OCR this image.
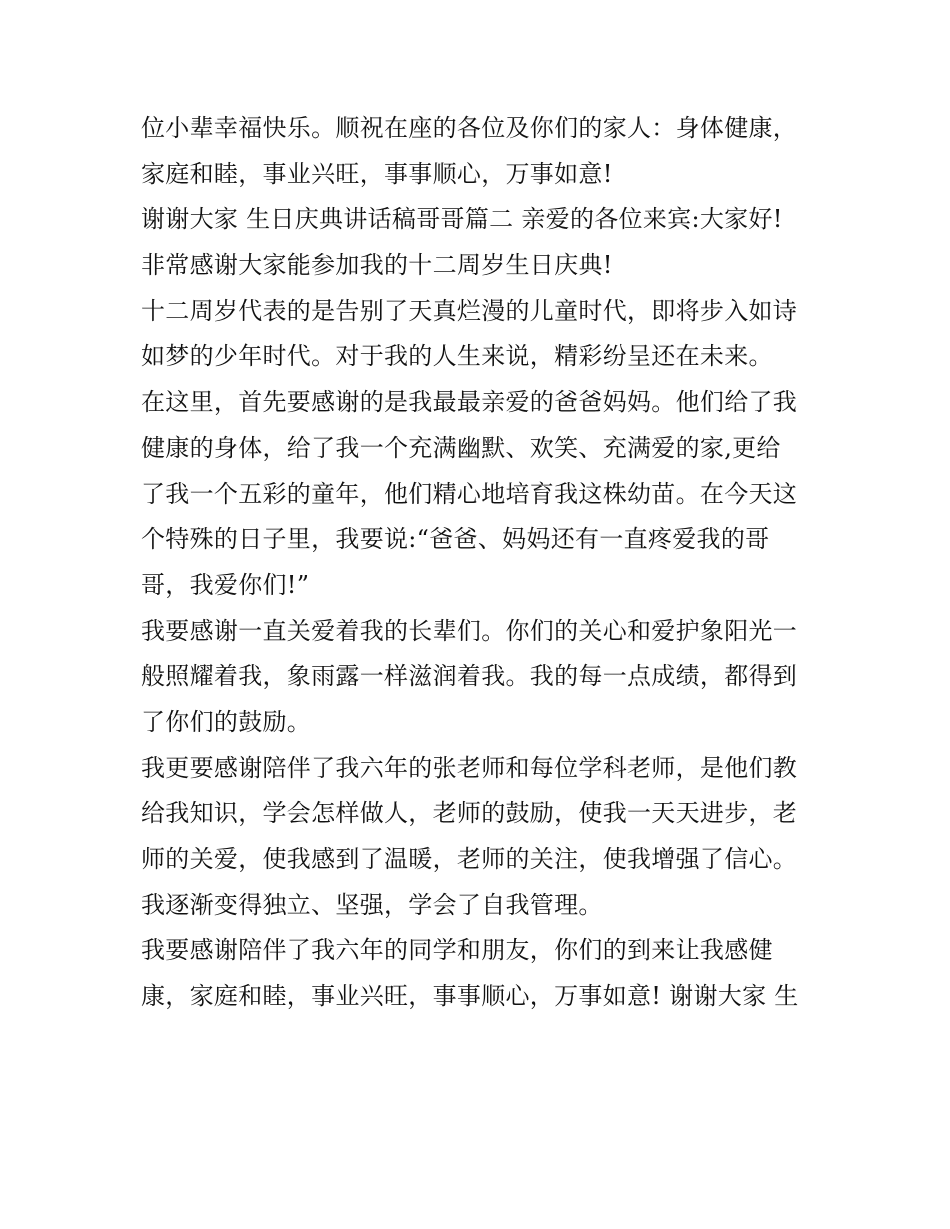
位小辈幸福快乐。顺祝在座的各位及你们的家人：身体健康，
家庭和睦，事业兴旺，事事顺心，万事如意!
谢谢大家 生日庆典讲话稿哥哥篇二 亲爱的各位来宾:大家好!
非常感谢大家能参加我的十二周岁生日庆典!
十二周岁代表的是告别了天真烂漫的儿童时代，即将步入如诗
如梦的少年时代。对于我的人生来说，精彩纷呈还在未来。
在这里，首先要感谢的是我最最亲爱的爸爸妈妈。他们给了我
健康的身体，给了我一个充满幽默、欢笑、充满爱的家,更给
了我一个五彩的童年，他们精心地培育我这株幼苗。在今天这
个特殊的日子里，我要说:“爸爸、妈妈还有一直疼爱我的哥
哥，我爱你们!”
我要感谢一直关爱着我的长辈们。你们的关心和爱护象阳光一
般照耀着我，象雨露一样滋润着我。我的每一点成绩，都得到
了你们的鼓励。
我更要感谢陪伴了我六年的张老师和每位学科老师，是他们教
给我知识，学会怎样做人，老师的鼓励，使我一天天进步，老
师的关爱，使我感到了温暖，老师的关注，使我增强了信心。
我逐渐变得独立、坚强，学会了自我管理。
我要感谢陪伴了我六年的同学和朋友，你们的到来让我感健
康，家庭和睦，事业兴旺，事事顺心，万事如意! 谢谢大家 生
